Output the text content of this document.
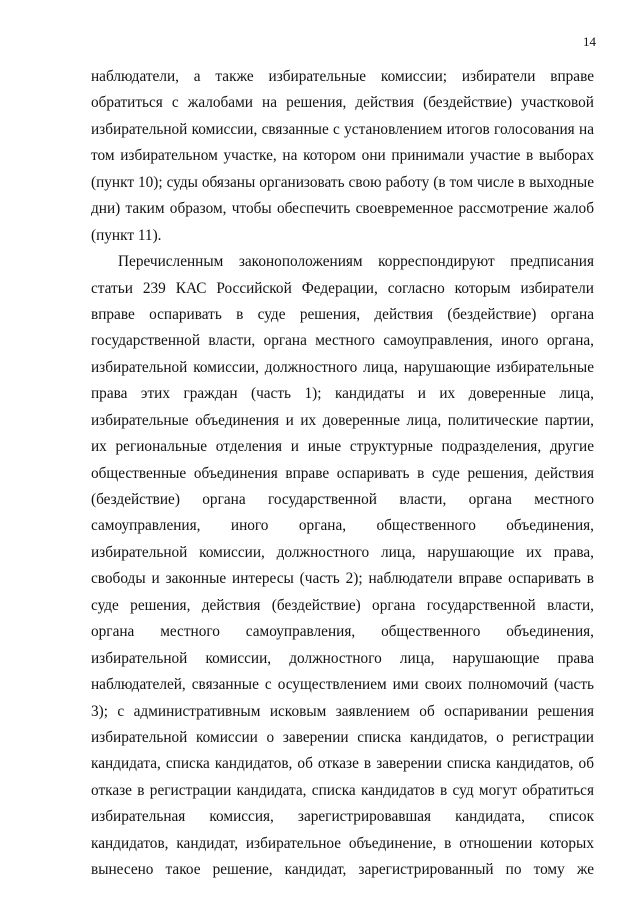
14
наблюдатели, а также избирательные комиссии; избиратели вправе
обратиться с жалобами на решения, действия (бездействие) участковой
избирательной комиссии, связанные с установлением итогов голосования на
том избирательном участке, на котором они принимали участие в выборах
(пункт 10); суды обязаны организовать свою работу (в том числе в выходные
дни) таким образом, чтобы обеспечить своевременное рассмотрение жалоб
(пункт 11).
Перечисленным законоположениям корреспондируют предписания
статьи 239 КАС Российской Федерации, согласно которым избиратели
вправе оспаривать в суде решения, действия (бездействие) органа
государственной власти, органа местного самоуправления, иного органа,
избирательной комиссии, должностного лица, нарушающие избирательные
права этих граждан (часть 1); кандидаты и их доверенные лица,
избирательные объединения и их доверенные лица, политические партии,
их региональные отделения и иные структурные подразделения, другие
общественные объединения вправе оспаривать в суде решения, действия
(бездействие) органа государственной власти, органа местного
самоуправления, иного органа, общественного объединения,
избирательной комиссии, должностного лица, нарушающие их права,
свободы и законные интересы (часть 2); наблюдатели вправе оспаривать в
суде решения, действия (бездействие) органа государственной власти,
органа местного самоуправления, общественного объединения,
избирательной комиссии, должностного лица, нарушающие права
наблюдателей, связанные с осуществлением ими своих полномочий (часть
3); с административным исковым заявлением об оспаривании решения
избирательной комиссии о заверении списка кандидатов, о регистрации
кандидата, списка кандидатов, об отказе в заверении списка кандидатов, об
отказе в регистрации кандидата, списка кандидатов в суд могут обратиться
избирательная комиссия, зарегистрировавшая кандидата, список
кандидатов, кандидат, избирательное объединение, в отношении которых
вынесено такое решение, кандидат, зарегистрированный по тому же
